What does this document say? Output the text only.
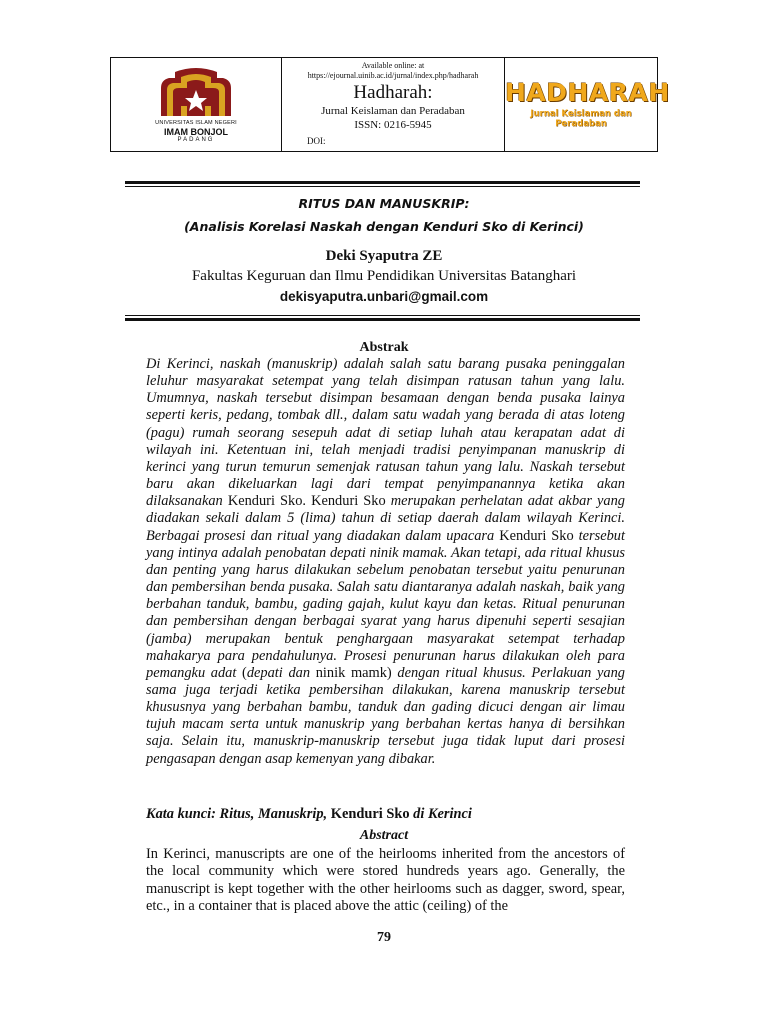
UNIVERSITAS ISLAM NEGERI
IMAM BONJOL
PADANG
Available online: at
https://ejournal.uinib.ac.id/jurnal/index.php/hadharah
Hadharah:
Jurnal Keislaman dan Peradaban
ISSN: 0216-5945
DOI:
HADHARAH
Jurnal Keislaman dan Peradaban
RITUS DAN MANUSKRIP:
(Analisis Korelasi Naskah dengan Kenduri Sko di Kerinci)
Deki Syaputra ZE
Fakultas Keguruan dan Ilmu Pendidikan Universitas Batanghari
dekisyaputra.unbari@gmail.com
Abstrak
Di Kerinci, naskah (manuskrip) adalah salah satu barang pusaka peninggalan leluhur masyarakat setempat yang telah disimpan ratusan tahun yang lalu. Umumnya, naskah tersebut disimpan besamaan dengan benda pusaka lainya seperti keris, pedang, tombak dll., dalam satu wadah yang berada di atas loteng (pagu) rumah seorang sesepuh adat di setiap luhah atau kerapatan adat di wilayah ini. Ketentuan ini, telah menjadi tradisi penyimpanan manuskrip di kerinci yang turun temurun semenjak ratusan tahun yang lalu. Naskah tersebut baru akan dikeluarkan lagi dari tempat penyimpanannya ketika akan dilaksanakan Kenduri Sko. Kenduri Sko merupakan perhelatan adat akbar yang diadakan sekali dalam 5 (lima) tahun di setiap daerah dalam wilayah Kerinci. Berbagai prosesi dan ritual yang diadakan dalam upacara Kenduri Sko tersebut yang intinya adalah penobatan depati ninik mamak. Akan tetapi, ada ritual khusus dan penting yang harus dilakukan sebelum penobatan tersebut yaitu penurunan dan pembersihan benda pusaka. Salah satu diantaranya adalah naskah, baik yang berbahan tanduk, bambu, gading gajah, kulut kayu dan ketas. Ritual penurunan dan pembersihan dengan berbagai syarat yang harus dipenuhi seperti sesajian (jamba) merupakan bentuk penghargaan masyarakat setempat terhadap mahakarya para pendahulunya. Prosesi penurunan harus dilakukan oleh para pemangku adat (depati dan ninik mamk) dengan ritual khusus. Perlakuan yang sama juga terjadi ketika pembersihan dilakukan, karena manuskrip tersebut khususnya yang berbahan bambu, tanduk dan gading dicuci dengan air limau tujuh macam serta untuk manuskrip yang berbahan kertas hanya di bersihkan saja. Selain itu, manuskrip-manuskrip tersebut juga tidak luput dari prosesi pengasapan dengan asap kemenyan yang dibakar.
Kata kunci: Ritus, Manuskrip, Kenduri Sko di Kerinci
Abstract
In Kerinci, manuscripts are one of the heirlooms inherited from the ancestors of the local community which were stored hundreds years ago. Generally, the manuscript is kept together with the other heirlooms such as dagger, sword, spear, etc., in a container that is placed above the attic (ceiling) of the
79
